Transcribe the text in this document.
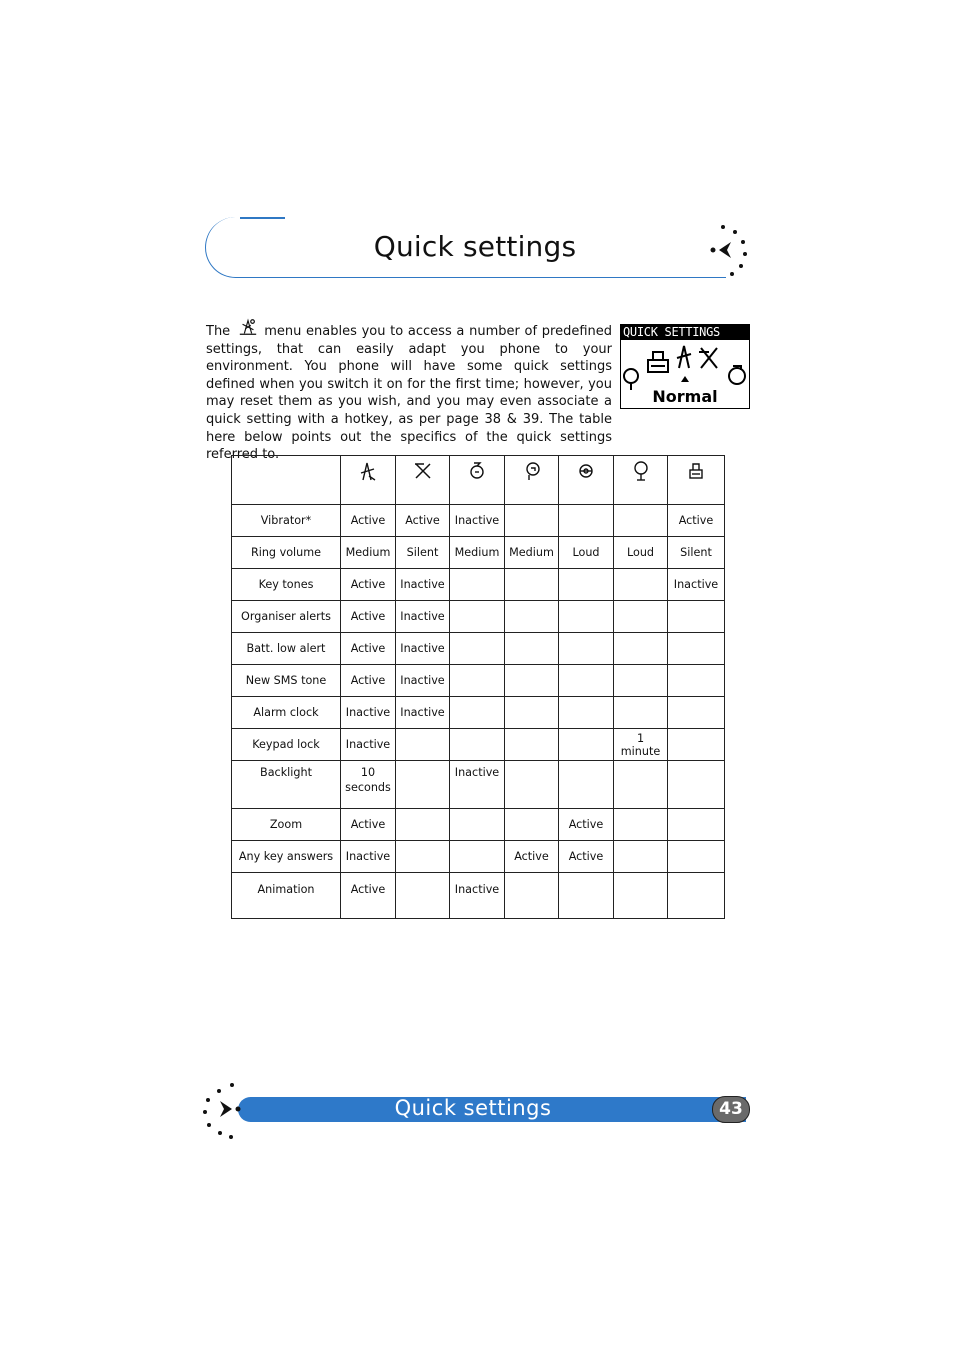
Quick settings
The	menu enables you to access a number of predefined settings, that can easily adapt you phone to your environment. You phone will have some quick settings defined when you switch it on for the first time; however, you may reset them as you wish, and you may even associate a quick setting with a hotkey, as per page 38 & 39. The table here below points out the specifics of the quick settings referred to.
QUICK SETTINGS
Normal

Vibrator*	Active	Active	Inactive				Active
Ring volume	Medium	Silent	Medium	Medium	Loud	Loud	Silent
Key tones	Active	Inactive					Inactive
Organiser alerts	Active	Inactive					
Batt. low alert	Active	Inactive					
New SMS tone	Active	Inactive					
Alarm clock	Inactive	Inactive					
Keypad lock	Inactive					1 minute	
Backlight	10 seconds		Inactive				
Zoom	Active				Active		
Any key answers	Inactive			Active	Active		
Animation	Active		Inactive				
Quick settings	43
